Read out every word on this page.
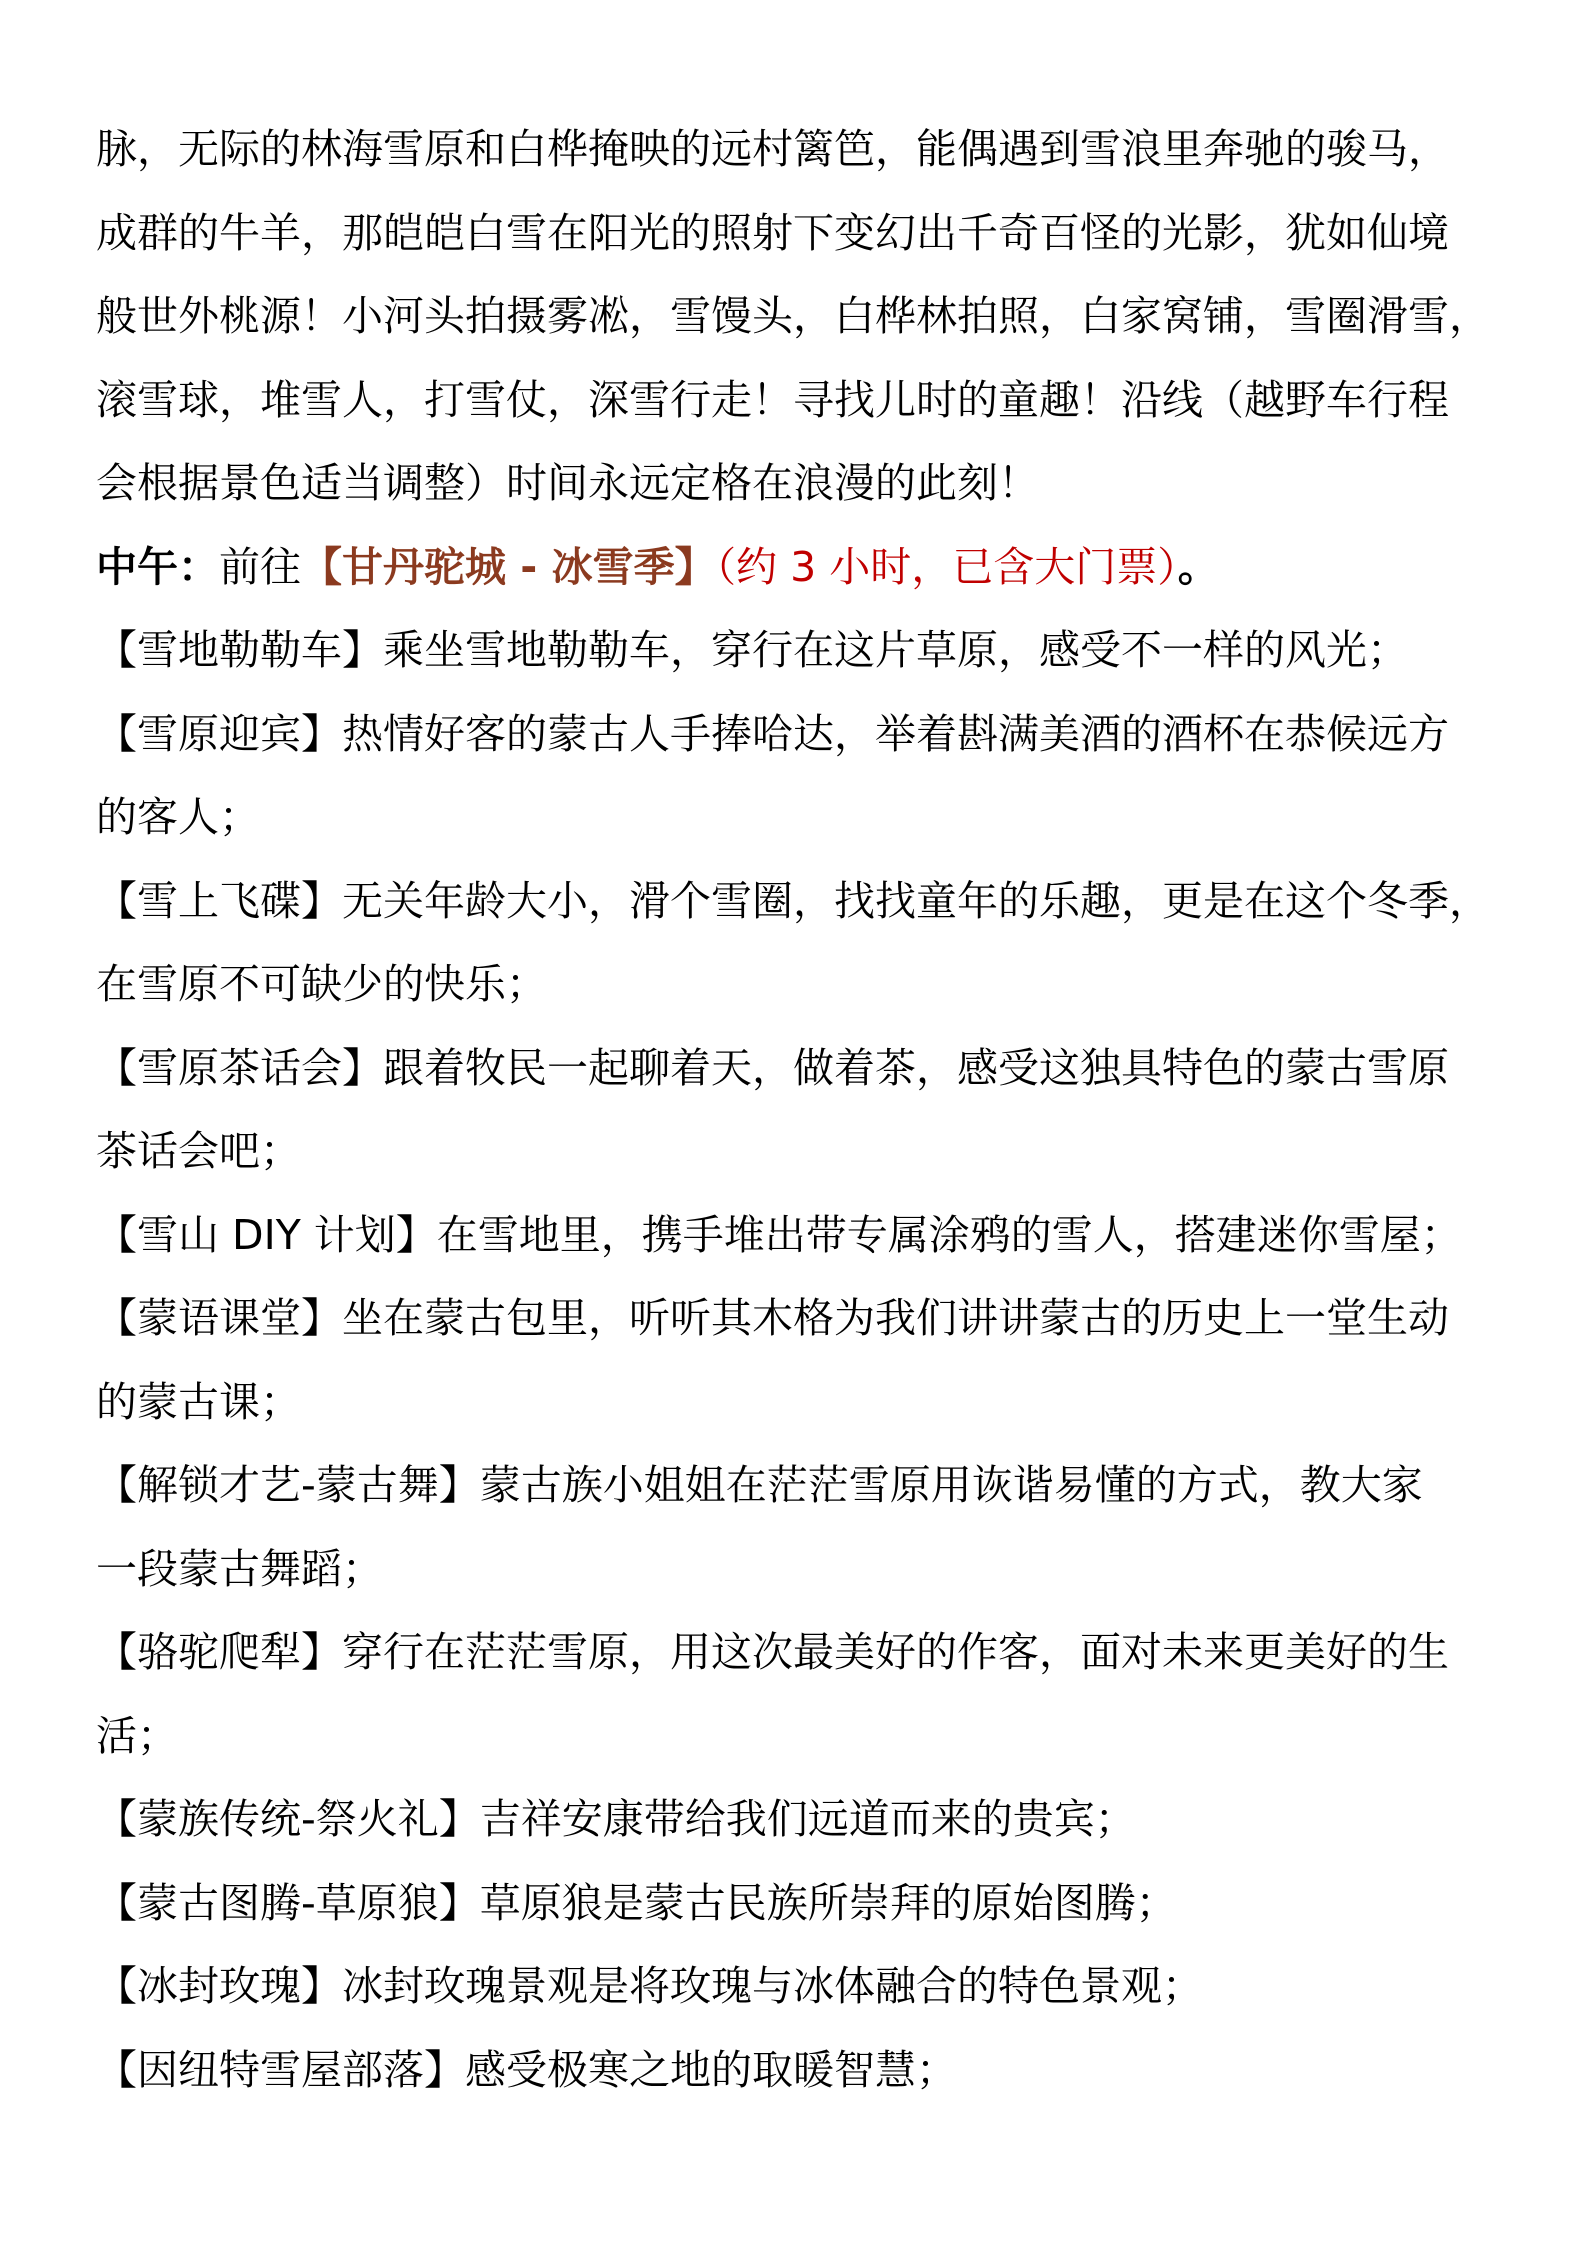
脉，无际的林海雪原和白桦掩映的远村篱笆，能偶遇到雪浪里奔驰的骏马，
成群的牛羊，那皑皑白雪在阳光的照射下变幻出千奇百怪的光影，犹如仙境
般世外桃源！小河头拍摄雾凇，雪馒头，白桦林拍照，白家窝铺，雪圈滑雪，
滚雪球，堆雪人，打雪仗，深雪行走！寻找儿时的童趣！沿线（越野车行程
会根据景色适当调整）时间永远定格在浪漫的此刻！
中午：前往【甘丹驼城 - 冰雪季】（约 3 小时，已含大门票）。
【雪地勒勒车】乘坐雪地勒勒车，穿行在这片草原，感受不一样的风光；
【雪原迎宾】热情好客的蒙古人手捧哈达，举着斟满美酒的酒杯在恭候远方
的客人；
【雪上飞碟】无关年龄大小，滑个雪圈，找找童年的乐趣，更是在这个冬季，
在雪原不可缺少的快乐；
【雪原茶话会】跟着牧民一起聊着天，做着茶，感受这独具特色的蒙古雪原
茶话会吧；
【雪山 DIY 计划】在雪地里，携手堆出带专属涂鸦的雪人，搭建迷你雪屋；
【蒙语课堂】坐在蒙古包里，听听其木格为我们讲讲蒙古的历史上一堂生动
的蒙古课；
【解锁才艺-蒙古舞】蒙古族小姐姐在茫茫雪原用诙谐易懂的方式，教大家
一段蒙古舞蹈；
【骆驼爬犁】穿行在茫茫雪原，用这次最美好的作客，面对未来更美好的生
活；
【蒙族传统-祭火礼】吉祥安康带给我们远道而来的贵宾；
【蒙古图腾-草原狼】草原狼是蒙古民族所崇拜的原始图腾；
【冰封玫瑰】冰封玫瑰景观是将玫瑰与冰体融合的特色景观；
【因纽特雪屋部落】感受极寒之地的取暖智慧；
